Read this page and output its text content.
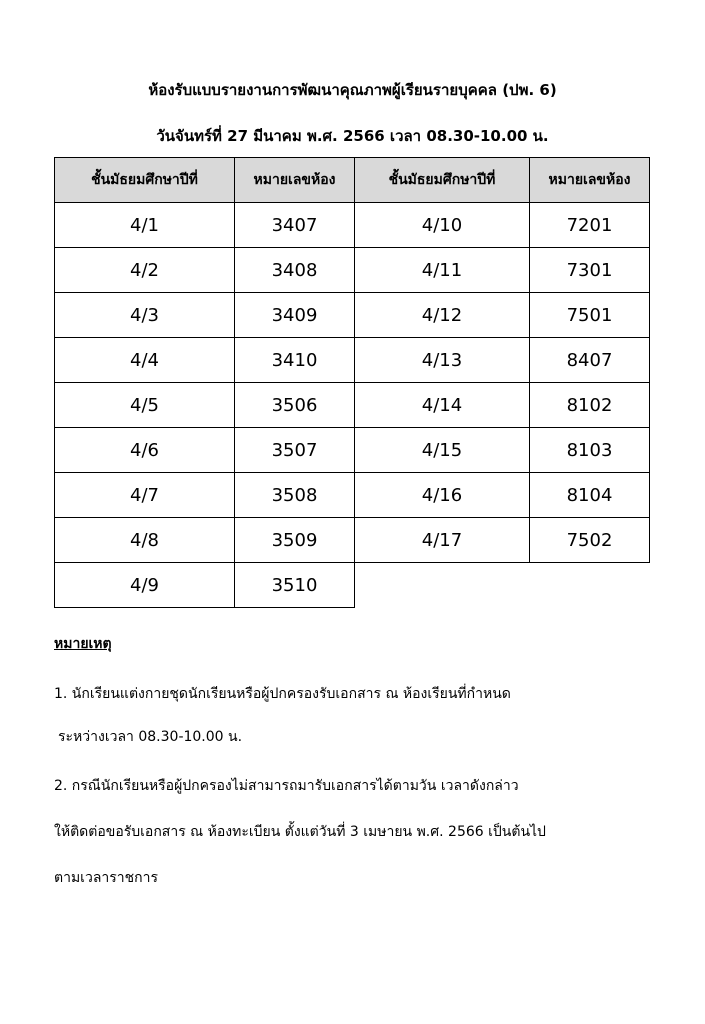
ห้องรับแบบรายงานการพัฒนาคุณภาพผู้เรียนรายบุคคล (ปพ. 6)
วันจันทร์ที่ 27 มีนาคม พ.ศ. 2566 เวลา 08.30-10.00 น.
ชั้นมัธยมศึกษาปีที่	หมายเลขห้อง	ชั้นมัธยมศึกษาปีที่	หมายเลขห้อง
4/1	3407	4/10	7201
4/2	3408	4/11	7301
4/3	3409	4/12	7501
4/4	3410	4/13	8407
4/5	3506	4/14	8102
4/6	3507	4/15	8103
4/7	3508	4/16	8104
4/8	3509	4/17	7502
4/9	3510		

หมายเหตุ

1. นักเรียนแต่งกายชุดนักเรียนหรือผู้ปกครองรับเอกสาร ณ ห้องเรียนที่กำหนด
ระหว่างเวลา 08.30-10.00 น.
2. กรณีนักเรียนหรือผู้ปกครองไม่สามารถมารับเอกสารได้ตามวัน เวลาดังกล่าว
ให้ติดต่อขอรับเอกสาร ณ ห้องทะเบียน ตั้งแต่วันที่ 3 เมษายน พ.ศ. 2566 เป็นต้นไป
ตามเวลาราชการ
